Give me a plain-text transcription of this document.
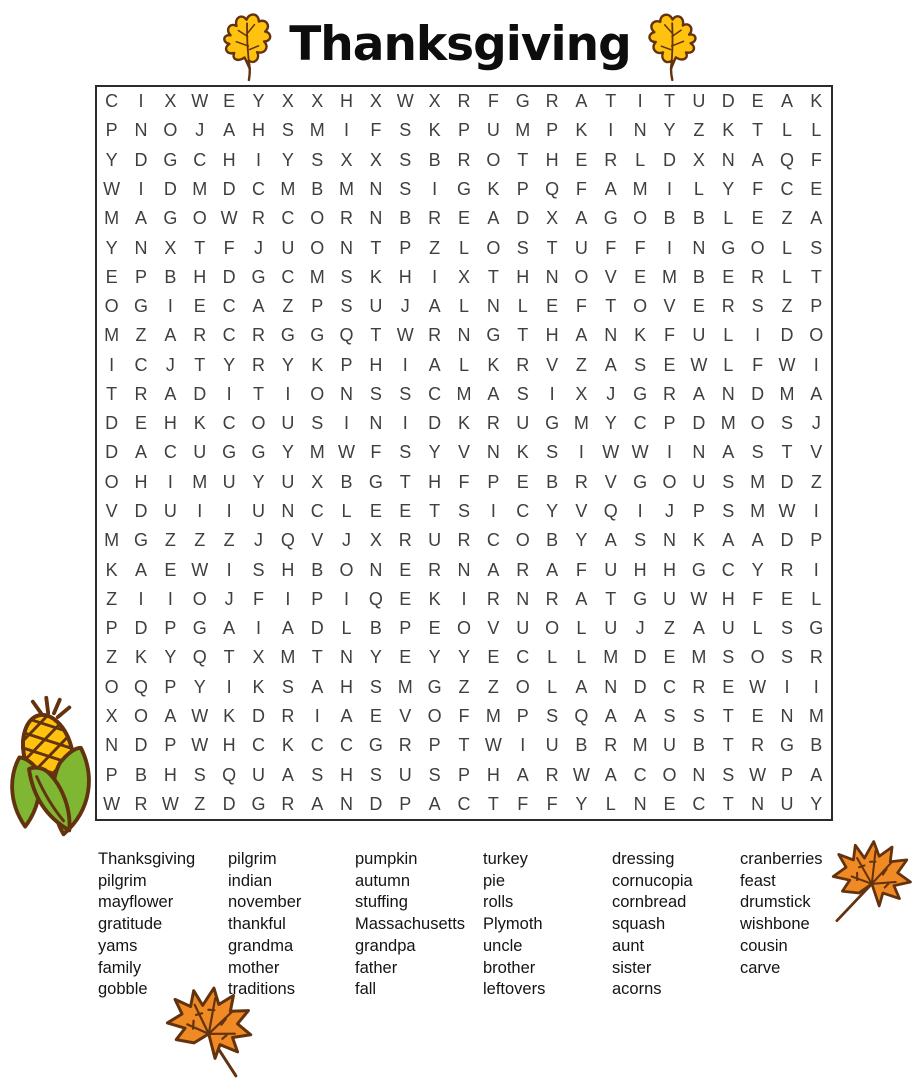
Thanksgiving
C	I	X W E Y X X H X W X R F G R A T	I	T U D E A K
P N O J	A H S M	I	F S K P U M P K	I	N Y Z K T	L	L
Y D G C H	I	Y S X X S B R O T H E R L D X N A Q F
W	I	D M D C M B M N S	I	G K P Q F A M	I	L	Y F C E
M A G O W R C O R N B R E A D X A G O B B	L	E Z A
Y N X T	F	J	U O N T P Z	L O S T U F	F	I	N G O L	S
E P B H D G C M S K H	I	X T H N O V E M B E R L	T
O G	I	E C A Z P S U	J	A	L N L	E F	T O V E R S Z P
M Z A R C R G G Q T W R N G T H A N K F U L	I	D O
I	C	J	T Y R Y K P H	I	A	L	K R V Z A S E W L	F W	I
T R A D	I	T	I	O N S S C M A S	I	X	J G R A N D M A
D E H K C O U S	I	N	I	D K R U G M Y C P D M O S	J
D A C U G G Y M W F S Y V N K S	I	W W	I	N A S T V
O H	I	M U Y U X B G T H F P E B R V G O U S M D Z
V D U	I	I	U N C L	E E T S	I	C Y V Q	I	J	P S M W	I
M G Z	Z	Z	J Q V	J	X R U R C O B Y A S N K A A D P
K A E W	I	S H B O N E R N A R A F U H H G C Y R	I
Z	I	I	O J	F	I	P	I	Q E K	I	R N R A T G U W H F E	L
P D P G A	I	A D L	B P E O V U O L U	J	Z A U L	S G
Z K Y Q T X M T N Y E Y Y E C L	L M D E M S O S R
O Q P Y	I	K S A H S M G Z	Z O L	A N D C R E W	I	I
X O A W K D R	I	A E V O F M P S Q A A S S T E N M
N D P W H C K C C G R P T W	I	U B R M U B T R G B
P B H S Q U A S H S U S P H A R W A C O N S W P A
W R W Z D G R A N D P A C T	F	F Y	L N E C T N U Y
Thanksgiving
pilgrim
mayflower
gratitude
yams
family
gobble
pilgrim
indian
november
thankful
grandma
mother
traditions
pumpkin
autumn
stuffing
Massachusetts
grandpa
father
fall
turkey
pie
rolls
Plymoth
uncle
brother
leftovers
dressing
cornucopia
cornbread
squash
aunt
sister
acorns
cranberries
feast
drumstick
wishbone
cousin
carve
